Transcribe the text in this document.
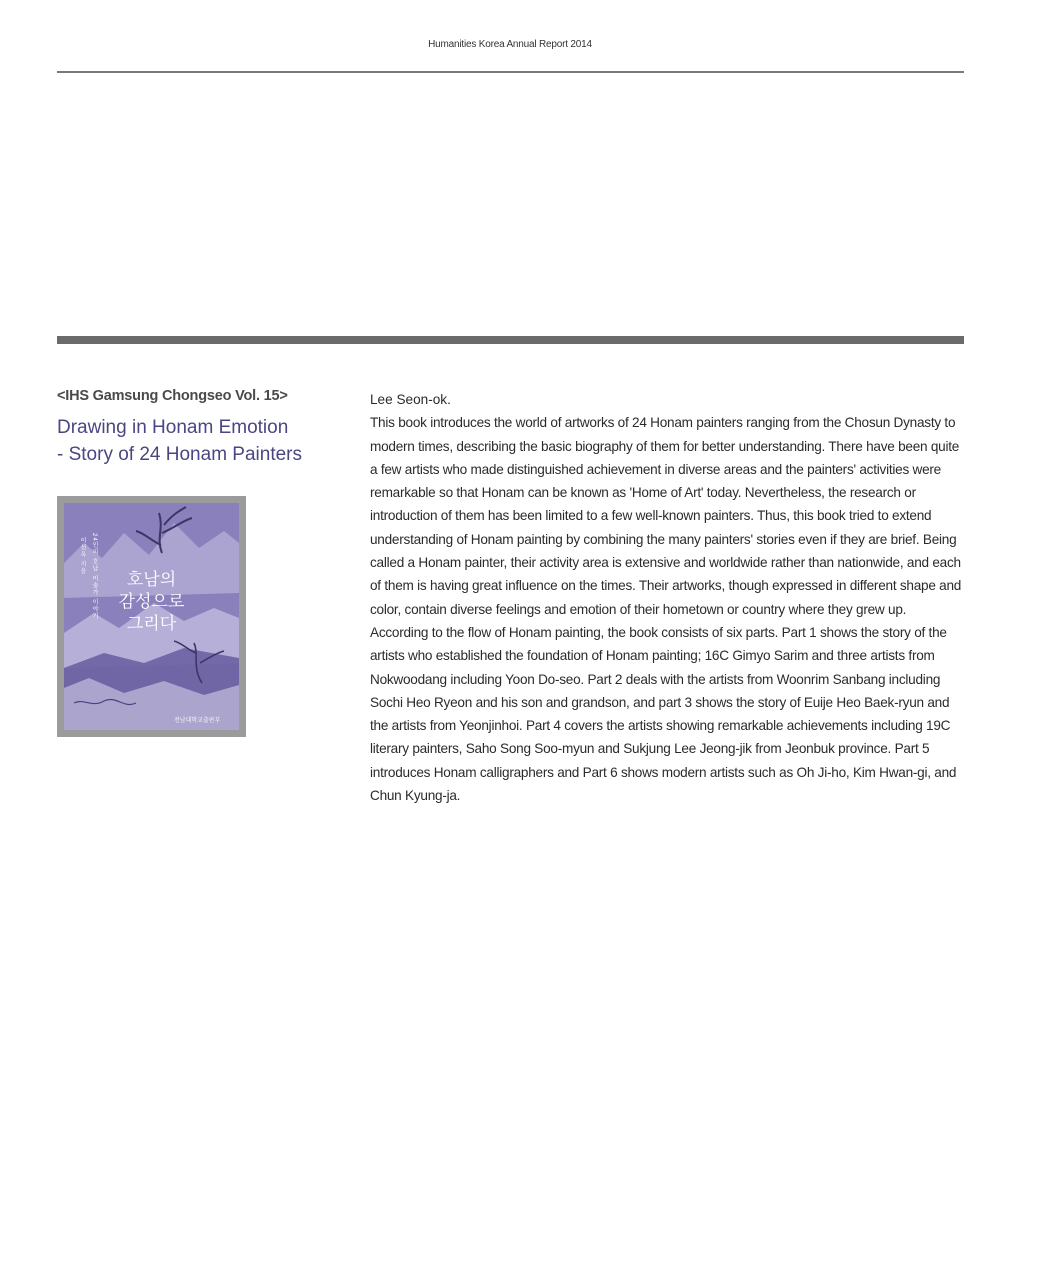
Humanities Korea Annual Report 2014

<IHS Gamsung Chongseo Vol. 15>

Drawing in Honam Emotion
- Story of 24 Honam Painters
24인의 호남 미술가 이야기
이선옥 지음
호남의
감성으로
그리다
전남대학교출판부

Lee Seon-ok.

This book introduces the world of artworks of 24 Honam painters ranging from the Chosun Dynasty to modern times, describing the basic biography of them for better understanding. There have been quite a few artists who made distinguished achievement in diverse areas and the painters' activities were remarkable so that Honam can be known as 'Home of Art' today. Nevertheless, the research or introduction of them has been limited to a few well-known painters. Thus, this book tried to extend understanding of Honam painting by combining the many painters' stories even if they are brief. Being called a Honam painter, their activity area is extensive and worldwide rather than nationwide, and each of them is having great influence on the times. Their artworks, though expressed in different shape and color, contain diverse feelings and emotion of their hometown or country where they grew up. According to the flow of Honam painting, the book consists of six parts. Part 1 shows the story of the artists who established the foundation of Honam painting; 16C Gimyo Sarim and three artists from Nokwoodang including Yoon Do-seo. Part 2 deals with the artists from Woonrim Sanbang including Sochi Heo Ryeon and his son and grandson, and part 3 shows the story of Euije Heo Baek-ryun and the artists from Yeonjinhoi. Part 4 covers the artists showing remarkable achievements including 19C literary painters, Saho Song Soo-myun and Sukjung Lee Jeong-jik from Jeonbuk province. Part 5 introduces Honam calligraphers and Part 6 shows modern artists such as Oh Ji-ho, Kim Hwan-gi, and Chun Kyung-ja.
